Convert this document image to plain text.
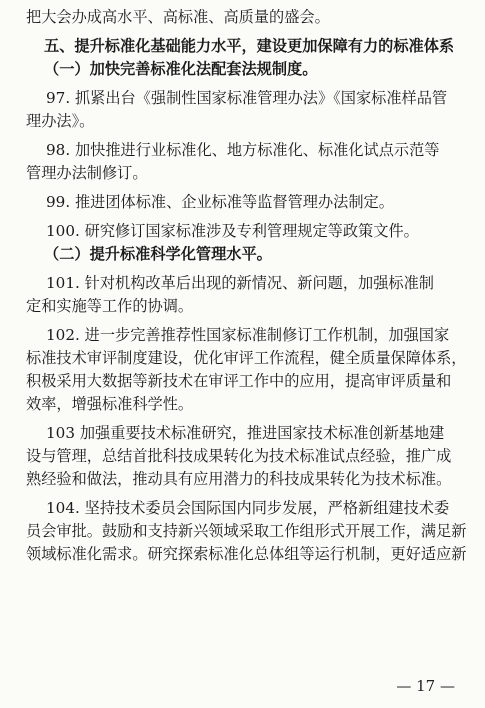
把大会办成高水平、高标准、高质量的盛会。

五、提升标准化基础能力水平，建设更加保障有力的标准体系

（一）加快完善标准化法配套法规制度。

97. 抓紧出台《强制性国家标准管理办法》《国家标准样品管

理办法》。

98. 加快推进行业标准化、地方标准化、标准化试点示范等

管理办法制修订。

99. 推进团体标准、企业标准等监督管理办法制定。

100. 研究修订国家标准涉及专利管理规定等政策文件。

（二）提升标准科学化管理水平。

101. 针对机构改革后出现的新情况、新问题，加强标准制

定和实施等工作的协调。

102. 进一步完善推荐性国家标准制修订工作机制，加强国家

标准技术审评制度建设，优化审评工作流程，健全质量保障体系，

积极采用大数据等新技术在审评工作中的应用，提高审评质量和

效率，增强标准科学性。

103 加强重要技术标准研究，推进国家技术标准创新基地建

设与管理，总结首批科技成果转化为技术标准试点经验，推广成

熟经验和做法，推动具有应用潜力的科技成果转化为技术标准。

104. 坚持技术委员会国际国内同步发展，严格新组建技术委

员会审批。鼓励和支持新兴领域采取工作组形式开展工作，满足新

领域标准化需求。研究探索标准化总体组等运行机制，更好适应新

— 17 —
